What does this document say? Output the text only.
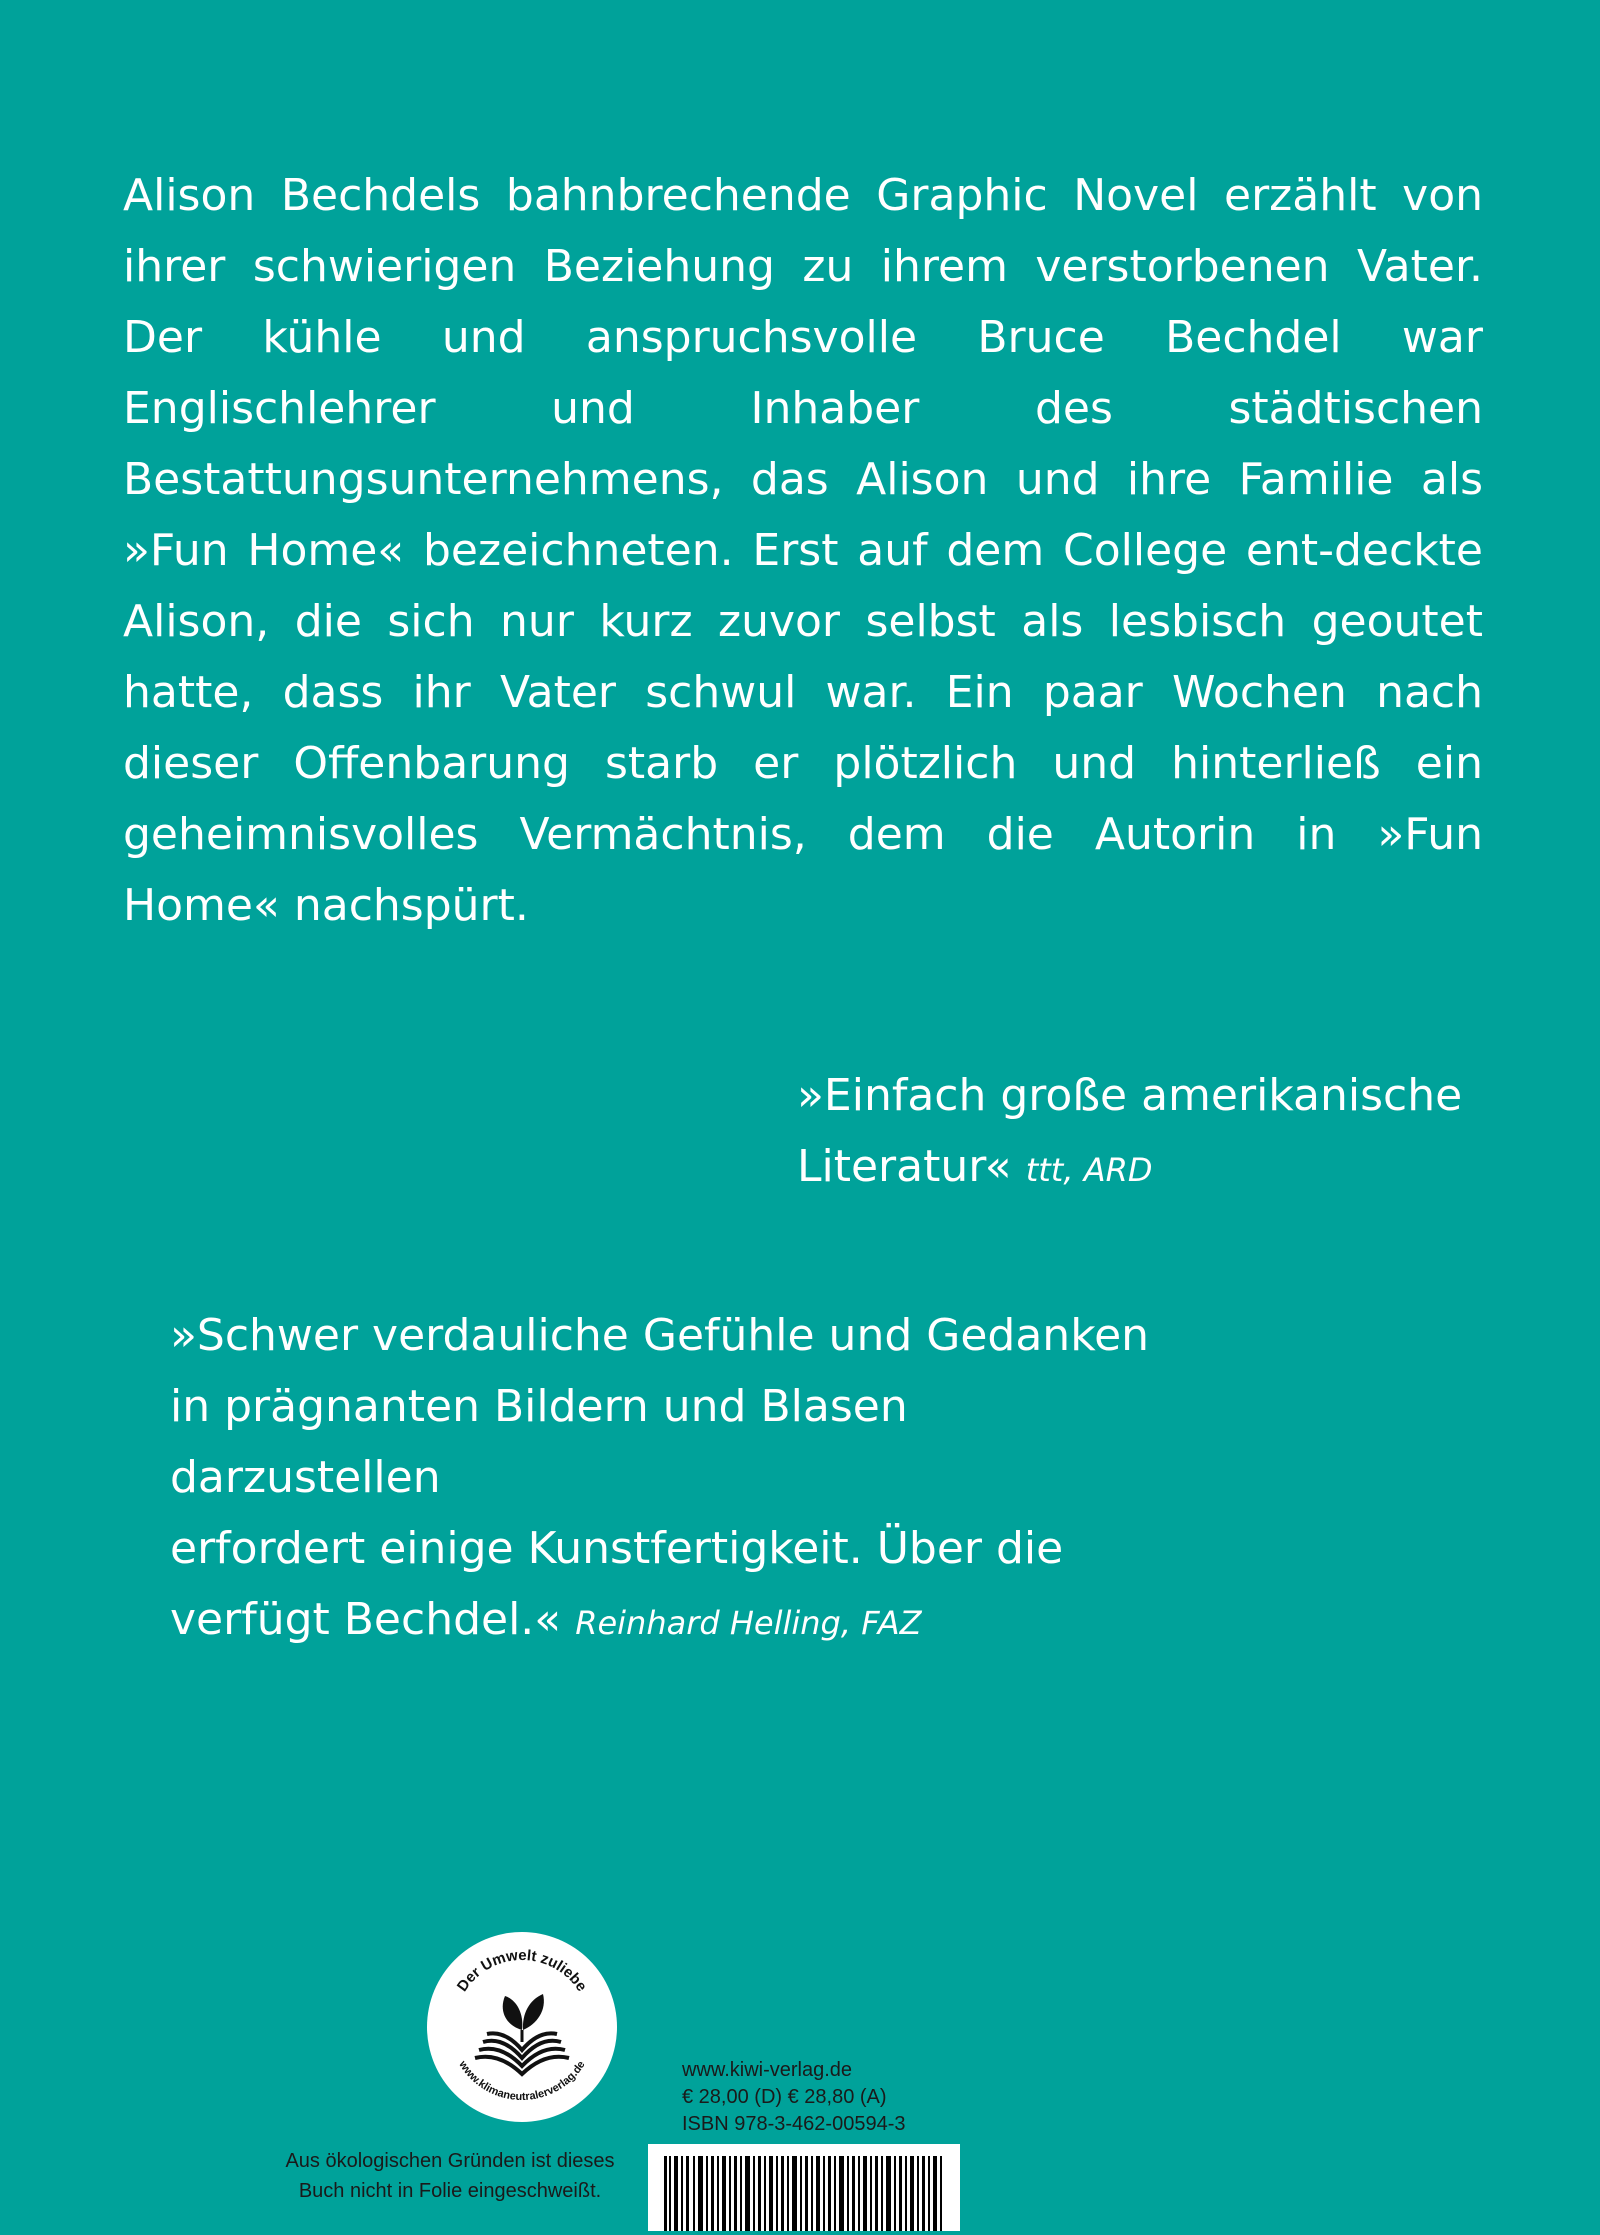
Alison Bechdels bahnbrechende Graphic Novel erzählt von ihrer schwierigen Beziehung zu ihrem verstorbenen Vater. Der kühle und anspruchsvolle Bruce Bechdel war Englischlehrer und Inhaber	des städtischen Bestattungsunternehmens, das Alison und ihre Familie als »Fun Home« bezeichneten. Erst auf dem College ent-deckte Alison, die sich nur kurz zuvor selbst als lesbisch geoutet hatte, dass ihr Vater schwul war. Ein paar Wochen nach dieser Offenbarung starb er plötzlich und hinterließ ein geheimnisvolles Vermächtnis, dem die Autorin in »Fun Home« nachspürt.

»Einfach große amerikanische
Literatur« ttt, ARD

»Schwer verdauliche Gefühle und Gedanken
in prägnanten Bildern und Blasen darzustellen
erfordert einige Kunstfertigkeit. Über die
verfügt Bechdel.« Reinhard Helling, FAZ

Der Umwelt zuliebe
www.klimaneutralerverlag.de

Aus ökologischen Gründen ist dieses
Buch nicht in Folie eingeschweißt.

www.kiwi-verlag.de
€ 28,00 (D) € 28,80 (A)
ISBN 978-3-462-00594-3
